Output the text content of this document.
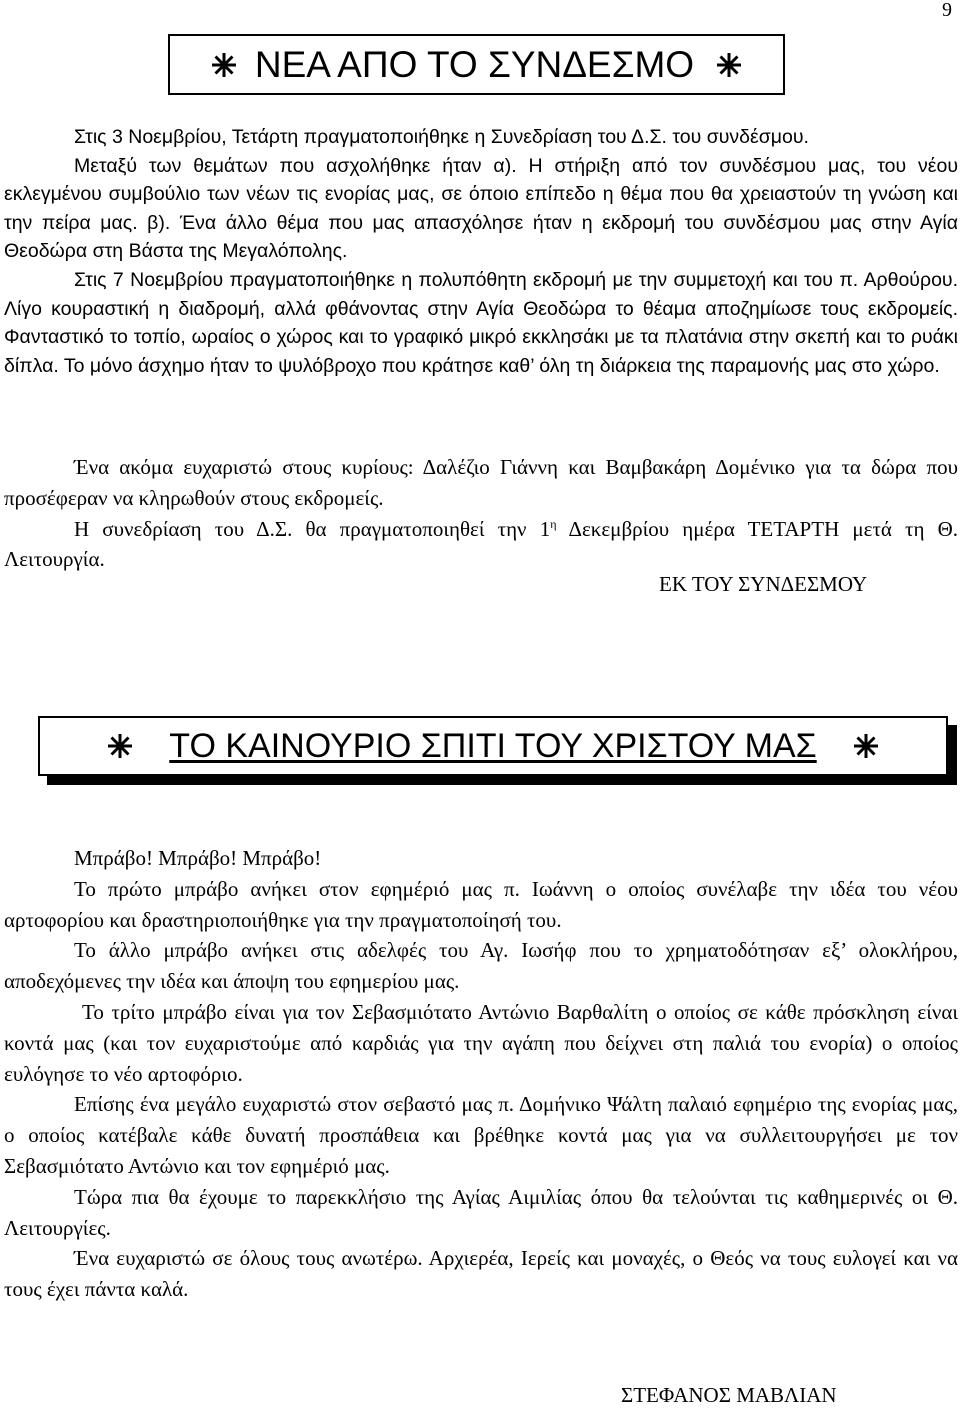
9
ΝΕΑ ΑΠΟ ΤΟ ΣΥΝΔΕΣΜΟ

Στις 3 Νοεμβρίου, Τετάρτη πραγματοποιήθηκε η Συνεδρίαση του Δ.Σ. του συνδέσμου.

Μεταξύ των θεμάτων που ασχολήθηκε ήταν α). Η στήριξη από τον συνδέσμου μας, του νέου εκλεγμένου συμβούλιο των νέων τις ενορίας μας, σε όποιο επίπεδο η θέμα που θα χρειαστούν τη γνώση και την πείρα μας. β). Ένα άλλο θέμα που μας απασχόλησε ήταν η εκδρομή του συνδέσμου μας στην Αγία Θεοδώρα στη Βάστα της Μεγαλόπολης.

Στις 7 Νοεμβρίου πραγματοποιήθηκε η πολυπόθητη εκδρομή με την συμμετοχή και του π. Αρθούρου. Λίγο κουραστική η διαδρομή, αλλά φθάνοντας στην Αγία Θεοδώρα το θέαμα αποζημίωσε τους εκδρομείς. Φανταστικό το τοπίο, ωραίος ο χώρος και το γραφικό μικρό εκκλησάκι με τα πλατάνια στην σκεπή και το ρυάκι δίπλα. Το μόνο άσχημο ήταν το ψυλόβροχο που κράτησε καθ’ όλη τη διάρκεια της παραμονής μας στο χώρο.

Ένα ακόμα ευχαριστώ στους κυρίους: Δαλέζιο Γιάννη και Βαμβακάρη Δομένικο για τα δώρα που προσέφεραν να κληρωθούν στους εκδρομείς.

Η συνεδρίαση του Δ.Σ. θα πραγματοποιηθεί την $1^\eta$ Δεκεμβρίου ημέρα ΤΕΤΑΡΤΗ μετά τη Θ. Λειτουργία.

ΕΚ ΤΟΥ ΣΥΝΔΕΣΜΟΥ
ΤΟ ΚΑΙΝΟΥΡΙΟ ΣΠΙΤΙ ΤΟΥ ΧΡΙΣΤΟΥ ΜΑΣ

Μπράβο! Μπράβο! Μπράβο!

Το πρώτο μπράβο ανήκει στον εφημέριό μας π. Ιωάννη ο οποίος συνέλαβε την ιδέα του νέου αρτοφορίου και δραστηριοποιήθηκε για την πραγματοποίησή του.

Το άλλο μπράβο ανήκει στις αδελφές του Αγ. Ιωσήφ που το χρηματοδότησαν εξ’ ολοκλήρου, αποδεχόμενες την ιδέα και άποψη του εφημερίου μας.

Το τρίτο μπράβο είναι για τον Σεβασμιότατο Αντώνιο Βαρθαλίτη ο οποίος σε κάθε πρόσκληση είναι κοντά μας (και τον ευχαριστούμε από καρδιάς για την αγάπη που δείχνει στη παλιά του ενορία) ο οποίος ευλόγησε το νέο αρτοφόριο.

Επίσης ένα μεγάλο ευχαριστώ στον σεβαστό μας π. Δομήνικο Ψάλτη παλαιό εφημέριο της ενορίας μας, ο οποίος κατέβαλε κάθε δυνατή προσπάθεια και βρέθηκε κοντά μας για να συλλειτουργήσει με τον Σεβασμιότατο Αντώνιο και τον εφημέριό μας.

Τώρα πια θα έχουμε το παρεκκλήσιο της Αγίας Αιμιλίας όπου θα τελούνται τις καθημερινές οι Θ. Λειτουργίες.

Ένα ευχαριστώ σε όλους τους ανωτέρω. Αρχιερέα, Ιερείς και μοναχές, ο Θεός να τους ευλογεί και να τους έχει πάντα καλά.

ΣΤΕΦΑΝΟΣ ΜΑΒΛΙΑΝ
